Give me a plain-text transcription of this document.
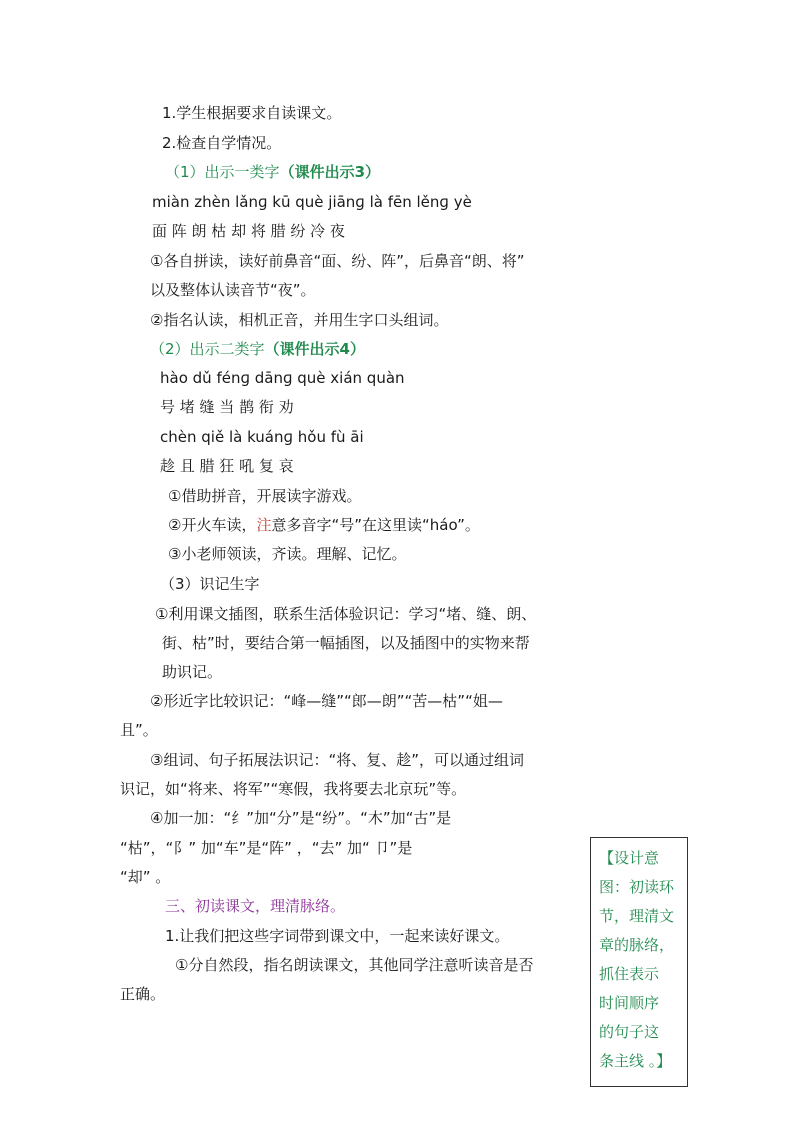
1.学生根据要求自读课文。
2.检查自学情况。
（1）出示一类字（课件出示3）
miàn zhèn lǎnɡ kū què jiānɡ là fēn lěnɡ yè
面 阵 朗 枯 却 将 腊 纷 冷 夜
①各自拼读，读好前鼻音“面、纷、阵”，后鼻音“朗、将”
以及整体认读音节“夜”。
②指名认读，相机正音，并用生字口头组词。
（2）出示二类字（课件出示4）
hào dǔ fénɡ dānɡ què xián quàn
号 堵 缝 当 鹊 衔 劝
chèn qiě là kuánɡ hǒu fù āi
趁 且 腊 狂 吼 复 哀
①借助拼音，开展读字游戏。
②开火车读，注意多音字“号”在这里读“háo”。
③小老师领读，齐读。理解、记忆。
（3）识记生字
①利用课文插图，联系生活体验识记：学习“堵、缝、朗、
街、枯”时，要结合第一幅插图，以及插图中的实物来帮
助识记。
②形近字比较识记：“峰—缝”“郎—朗”“苦—枯”“姐—
且”。
③组词、句子拓展法识记：“将、复、趁”，可以通过组词
识记，如“将来、将军”“寒假，我将要去北京玩”等。
④加一加：“纟”加“分”是“纷”。“木”加“古”是
“枯”，“阝” 加“车”是“阵” ，“去” 加“ 卩”是
“却” 。
三、初读课文，理清脉络。
1.让我们把这些字词带到课文中，一起来读好课文。
①分自然段，指名朗读课文，其他同学注意听读音是否
正确。
【设计意
图：初读环
节，理清文
章的脉络，
抓住表示
时间顺序
的句子这
条主线 。】
